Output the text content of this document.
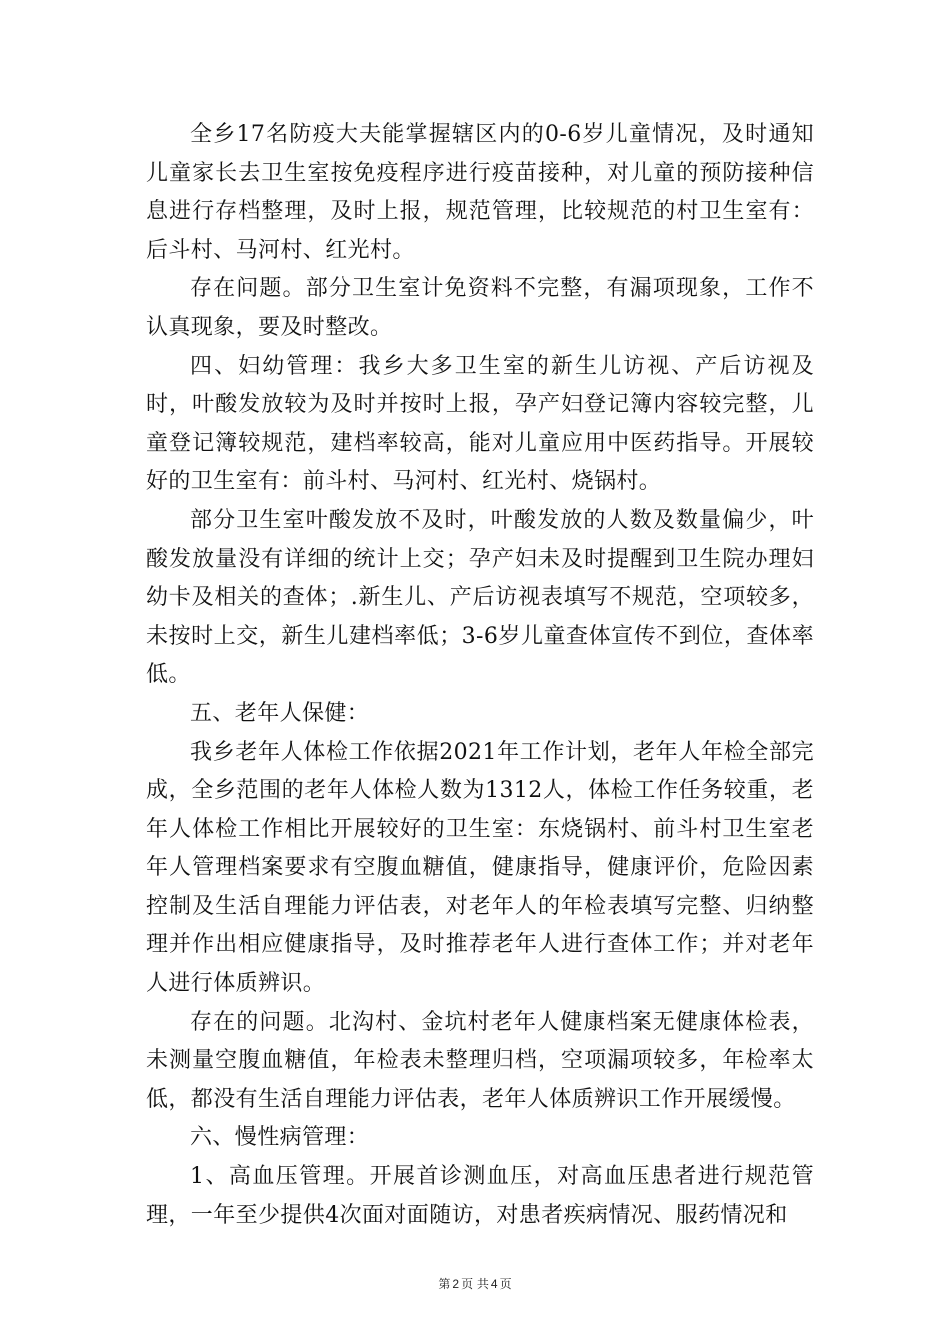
全乡17名防疫大夫能掌握辖区内的0-6岁儿童情况，及时通知儿童家长去卫生室按免疫程序进行疫苗接种，对儿童的预防接种信息进行存档整理，及时上报，规范管理，比较规范的村卫生室有：后斗村、马河村、红光村。

存在问题。部分卫生室计免资料不完整，有漏项现象，工作不认真现象，要及时整改。

四、妇幼管理：我乡大多卫生室的新生儿访视、产后访视及时，叶酸发放较为及时并按时上报，孕产妇登记簿内容较完整，儿童登记簿较规范，建档率较高，能对儿童应用中医药指导。开展较好的卫生室有：前斗村、马河村、红光村、烧锅村。

部分卫生室叶酸发放不及时，叶酸发放的人数及数量偏少，叶酸发放量没有详细的统计上交；孕产妇未及时提醒到卫生院办理妇幼卡及相关的查体；.新生儿、产后访视表填写不规范，空项较多，未按时上交，新生儿建档率低；3-6岁儿童查体宣传不到位，查体率低。

五、老年人保健：

我乡老年人体检工作依据2021年工作计划，老年人年检全部完成，全乡范围的老年人体检人数为1312人，体检工作任务较重，老年人体检工作相比开展较好的卫生室：东烧锅村、前斗村卫生室老年人管理档案要求有空腹血糖值，健康指导，健康评价，危险因素控制及生活自理能力评估表，对老年人的年检表填写完整、归纳整理并作出相应健康指导，及时推荐老年人进行查体工作；并对老年人进行体质辨识。

存在的问题。北沟村、金坑村老年人健康档案无健康体检表，未测量空腹血糖值，年检表未整理归档，空项漏项较多，年检率太低，都没有生活自理能力评估表，老年人体质辨识工作开展缓慢。

六、慢性病管理：

1、高血压管理。开展首诊测血压，对高血压患者进行规范管理，一年至少提供4次面对面随访，对患者疾病情况、服药情况和

第 2 页 共 4 页
